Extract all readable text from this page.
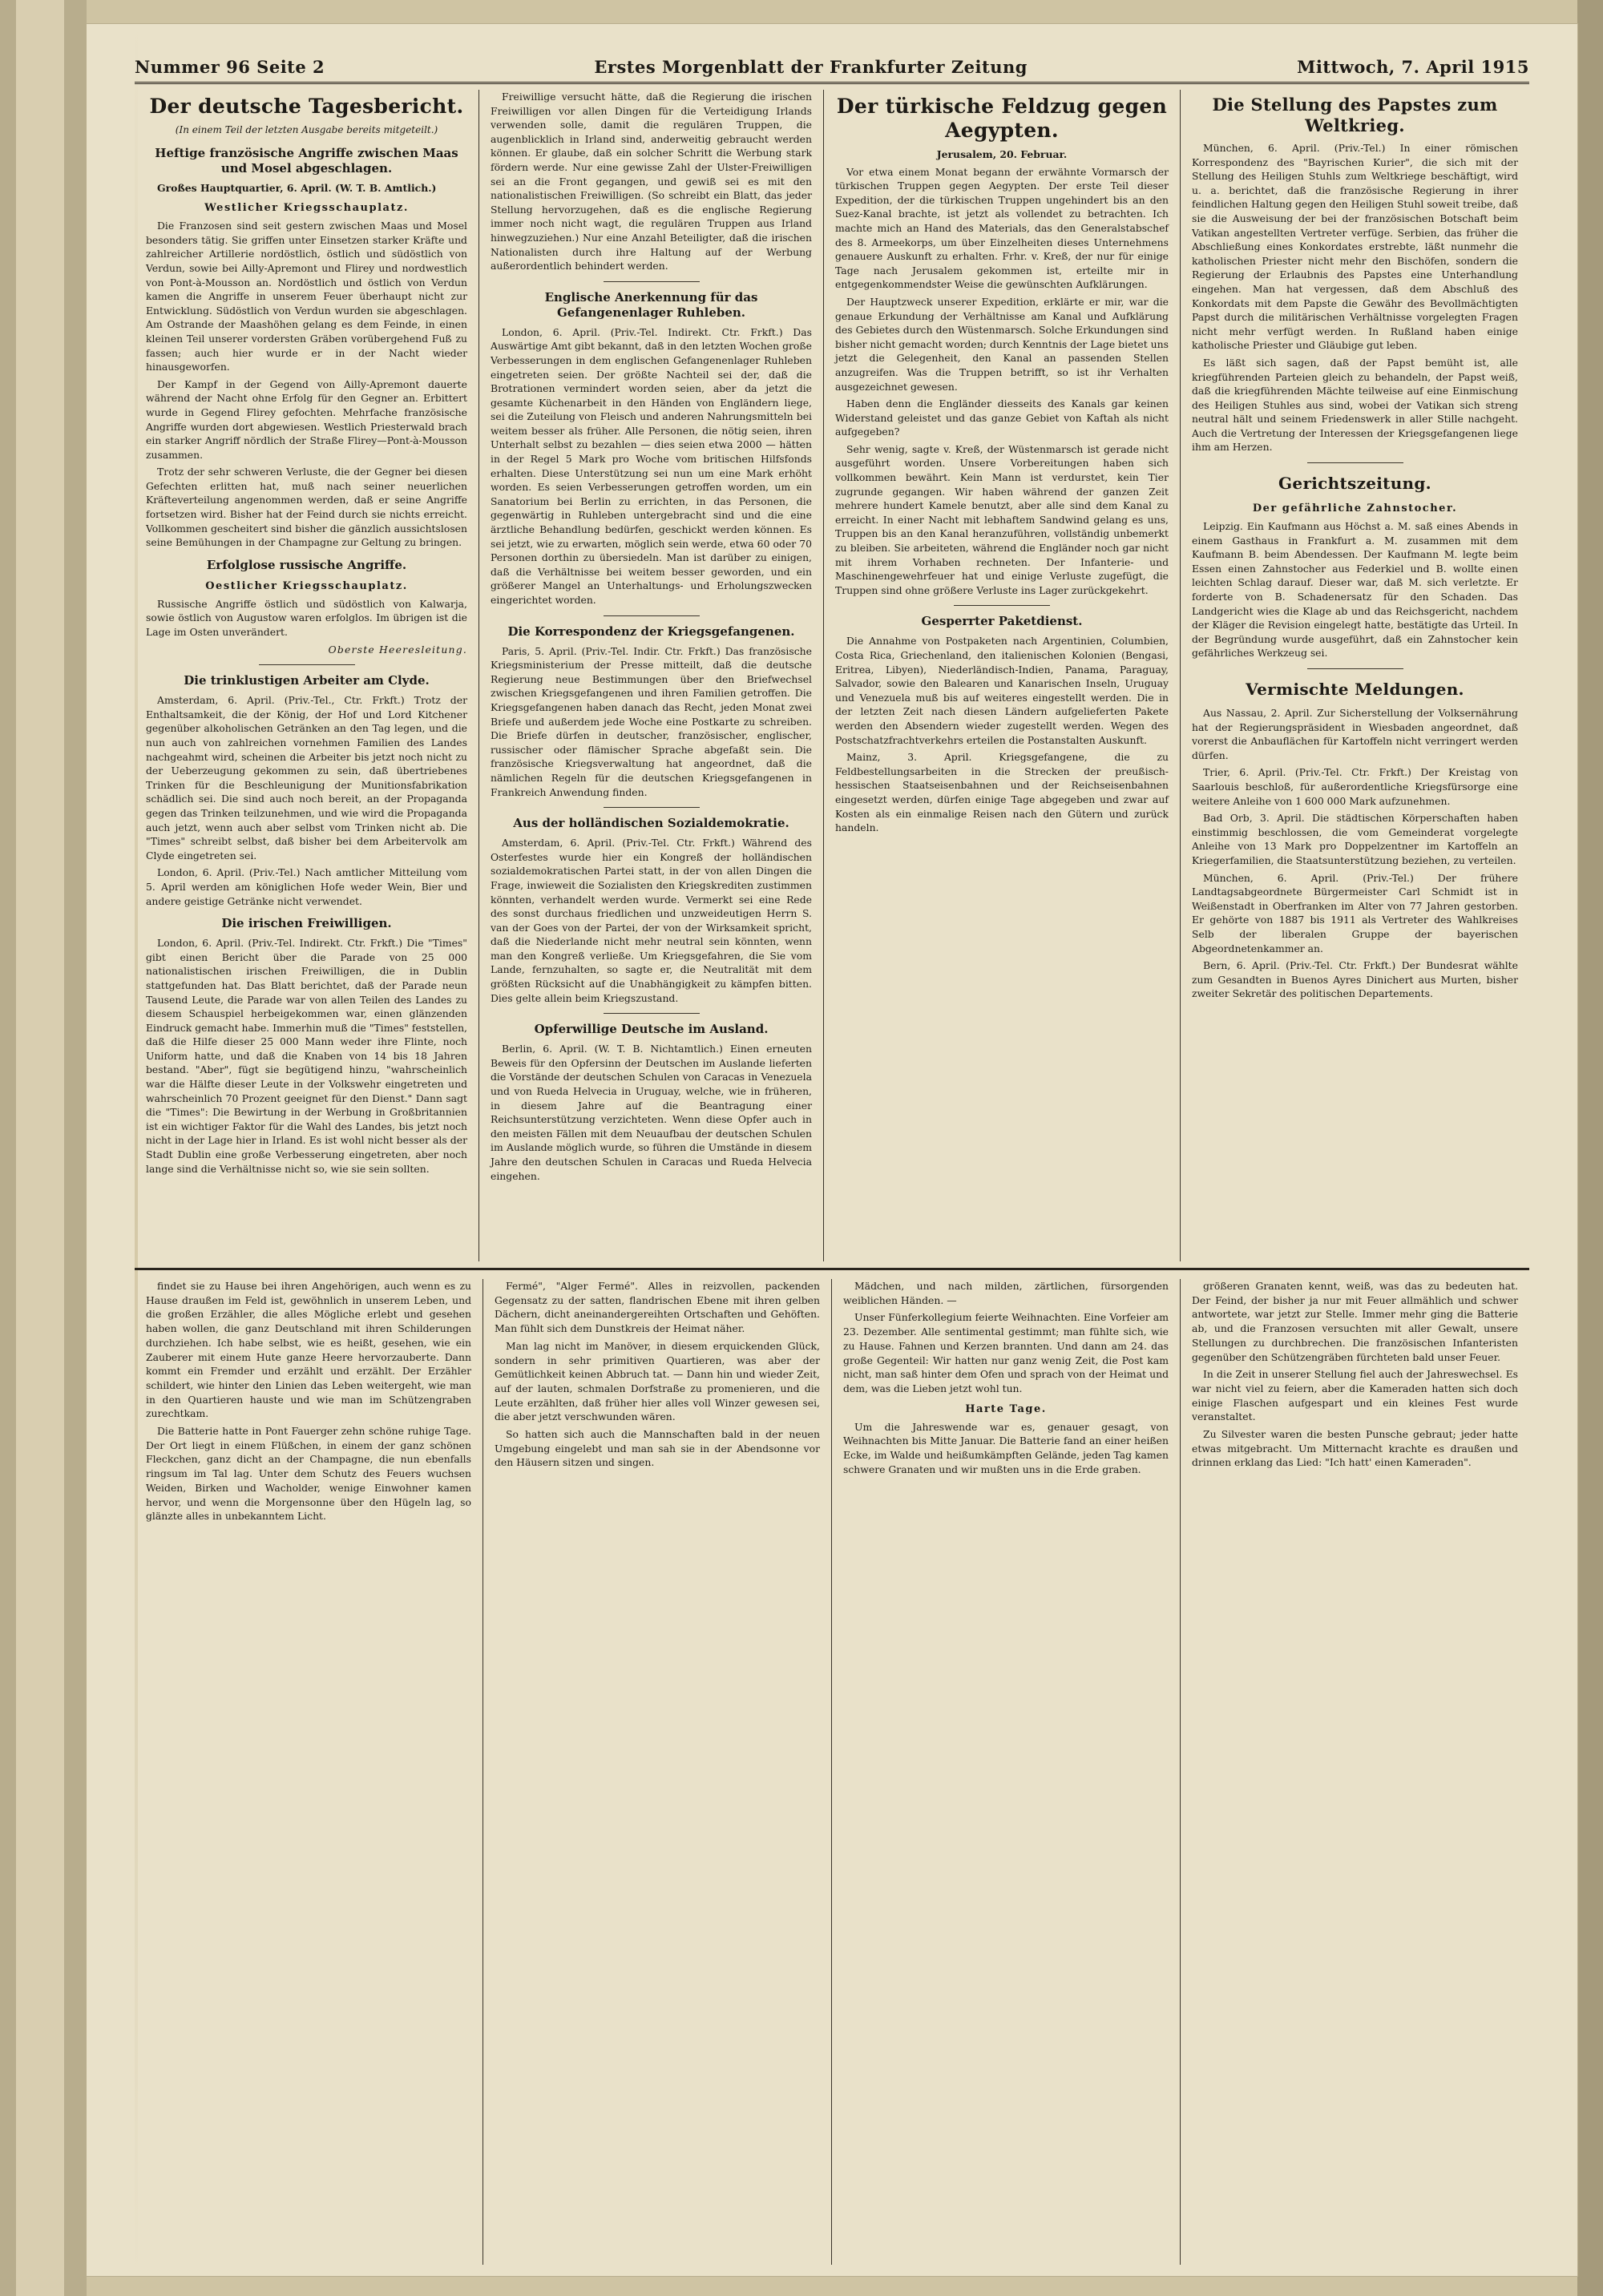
Nummer 96 Seite 2	Erstes Morgenblatt der Frankfurter Zeitung	Mittwoch, 7. April 1915
Der deutsche Tagesbericht.
(In einem Teil der letzten Ausgabe bereits mitgeteilt.)
Heftige französische Angriffe zwischen Maas und Mosel abgeschlagen.

Großes Hauptquartier, 6. April. (W. T. B. Amtlich.)

Westlicher Kriegsschauplatz.

Die Franzosen sind seit gestern zwischen Maas und Mosel besonders tätig. Sie griffen unter Einsetzen starker Kräfte und zahlreicher Artillerie nordöstlich, östlich und südöstlich von Verdun, sowie bei Ailly-Apremont und Flirey und nordwestlich von Pont-à-Mousson an. Nordöstlich und östlich von Verdun kamen die Angriffe in unserem Feuer überhaupt nicht zur Entwicklung. Südöstlich von Verdun wurden sie abgeschlagen. Am Ostrande der Maashöhen gelang es dem Feinde, in einen kleinen Teil unserer vordersten Gräben vorübergehend Fuß zu fassen; auch hier wurde er in der Nacht wieder hinausgeworfen.

Der Kampf in der Gegend von Ailly-Apremont dauerte während der Nacht ohne Erfolg für den Gegner an. Erbittert wurde in Gegend Flirey gefochten. Mehrfache französische Angriffe wurden dort abgewiesen. Westlich Priesterwald brach ein starker Angriff nördlich der Straße Flirey—Pont-à-Mousson zusammen.

Trotz der sehr schweren Verluste, die der Gegner bei diesen Gefechten erlitten hat, muß nach seiner neuerlichen Kräfteverteilung angenommen werden, daß er seine Angriffe fortsetzen wird. Bisher hat der Feind durch sie nichts erreicht. Vollkommen gescheitert sind bisher die gänzlich aussichtslosen seine Bemühungen in der Champagne zur Geltung zu bringen.

Erfolglose russische Angriffe.
Oestlicher Kriegsschauplatz.

Russische Angriffe östlich und südöstlich von Kalwarja, sowie östlich von Augustow waren erfolglos. Im übrigen ist die Lage im Osten unverändert.

Oberste Heeresleitung.

Die trinklustigen Arbeiter am Clyde.

Amsterdam, 6. April. (Priv.-Tel., Ctr. Frkft.) Trotz der Enthaltsamkeit, die der König, der Hof und Lord Kitchener gegenüber alkoholischen Getränken an den Tag legen, und die nun auch von zahlreichen vornehmen Familien des Landes nachgeahmt wird, scheinen die Arbeiter bis jetzt noch nicht zu der Ueberzeugung gekommen zu sein, daß übertriebenes Trinken für die Beschleunigung der Munitionsfabrikation schädlich sei. Die sind auch noch bereit, an der Propaganda gegen das Trinken teilzunehmen, und wie wird die Propaganda auch jetzt, wenn auch aber selbst vom Trinken nicht ab. Die "Times" schreibt selbst, daß bisher bei dem Arbeitervolk am Clyde eingetreten sei.

London, 6. April. (Priv.-Tel.) Nach amtlicher Mitteilung vom 5. April werden am königlichen Hofe weder Wein, Bier und andere geistige Getränke nicht verwendet.

Die irischen Freiwilligen.

London, 6. April. (Priv.-Tel. Indirekt. Ctr. Frkft.) Die "Times" gibt einen Bericht über die Parade von 25 000 nationalistischen irischen Freiwilligen, die in Dublin stattgefunden hat. Das Blatt berichtet, daß der Parade neun Tausend Leute, die Parade war von allen Teilen des Landes zu diesem Schauspiel herbeigekommen war, einen glänzenden Eindruck gemacht habe. Immerhin muß die "Times" feststellen, daß die Hilfe dieser 25 000 Mann weder ihre Flinte, noch Uniform hatte, und daß die Knaben von 14 bis 18 Jahren bestand. "Aber", fügt sie begütigend hinzu, "wahrscheinlich war die Hälfte dieser Leute in der Volkswehr eingetreten und wahrscheinlich 70 Prozent geeignet für den Dienst." Dann sagt die "Times": Die Bewirtung in der Werbung in Großbritannien ist ein wichtiger Faktor für die Wahl des Landes, bis jetzt noch nicht in der Lage hier in Irland. Es ist wohl nicht besser als der Stadt Dublin eine große Verbesserung eingetreten, aber noch lange sind die Verhältnisse nicht so, wie sie sein sollten.

Freiwillige versucht hätte, daß die Regierung die irischen Freiwilligen vor allen Dingen für die Verteidigung Irlands verwenden solle, damit die regulären Truppen, die augenblicklich in Irland sind, anderweitig gebraucht werden können. Er glaube, daß ein solcher Schritt die Werbung stark fördern werde. Nur eine gewisse Zahl der Ulster-Freiwilligen sei an die Front gegangen, und gewiß sei es mit den nationalistischen Freiwilligen. (So schreibt ein Blatt, das jeder Stellung hervorzugehen, daß es die englische Regierung immer noch nicht wagt, die regulären Truppen aus Irland hinwegzuziehen.) Nur eine Anzahl Beteiligter, daß die irischen Nationalisten durch ihre Haltung auf der Werbung außerordentlich behindert werden.

Englische Anerkennung für das Gefangenenlager Ruhleben.

London, 6. April. (Priv.-Tel. Indirekt. Ctr. Frkft.) Das Auswärtige Amt gibt bekannt, daß in den letzten Wochen große Verbesserungen in dem englischen Gefangenenlager Ruhleben eingetreten seien. Der größte Nachteil sei der, daß die Brotrationen vermindert worden seien, aber da jetzt die gesamte Küchenarbeit in den Händen von Engländern liege, sei die Zuteilung von Fleisch und anderen Nahrungsmitteln bei weitem besser als früher. Alle Personen, die nötig seien, ihren Unterhalt selbst zu bezahlen — dies seien etwa 2000 — hätten in der Regel 5 Mark pro Woche vom britischen Hilfsfonds erhalten. Diese Unterstützung sei nun um eine Mark erhöht worden. Es seien Verbesserungen getroffen worden, um ein Sanatorium bei Berlin zu errichten, in das Personen, die gegenwärtig in Ruhleben untergebracht sind und die eine ärztliche Behandlung bedürfen, geschickt werden können. Es sei jetzt, wie zu erwarten, möglich sein werde, etwa 60 oder 70 Personen dorthin zu übersiedeln. Man ist darüber zu einigen, daß die Verhältnisse bei weitem besser geworden, und ein größerer Mangel an Unterhaltungs- und Erholungszwecken eingerichtet worden.

Die Korrespondenz der Kriegsgefangenen.

Paris, 5. April. (Priv.-Tel. Indir. Ctr. Frkft.) Das französische Kriegsministerium der Presse mitteilt, daß die deutsche Regierung neue Bestimmungen über den Briefwechsel zwischen Kriegsgefangenen und ihren Familien getroffen. Die Kriegsgefangenen haben danach das Recht, jeden Monat zwei Briefe und außerdem jede Woche eine Postkarte zu schreiben. Die Briefe dürfen in deutscher, französischer, englischer, russischer oder flämischer Sprache abgefaßt sein. Die französische Kriegsverwaltung hat angeordnet, daß die nämlichen Regeln für die deutschen Kriegsgefangenen in Frankreich Anwendung finden.

Aus der holländischen Sozialdemokratie.

Amsterdam, 6. April. (Priv.-Tel. Ctr. Frkft.) Während des Osterfestes wurde hier ein Kongreß der holländischen sozialdemokratischen Partei statt, in der von allen Dingen die Frage, inwieweit die Sozialisten den Kriegskrediten zustimmen könnten, verhandelt werden wurde. Vermerkt sei eine Rede des sonst durchaus friedlichen und unzweideutigen Herrn S. van der Goes von der Partei, der von der Wirksamkeit spricht, daß die Niederlande nicht mehr neutral sein könnten, wenn man den Kongreß verließe. Um Kriegsgefahren, die Sie vom Lande, fernzuhalten, so sagte er, die Neutralität mit dem größten Rücksicht auf die Unabhängigkeit zu kämpfen bitten. Dies gelte allein beim Kriegszustand.

Opferwillige Deutsche im Ausland.

Berlin, 6. April. (W. T. B. Nichtamtlich.) Einen erneuten Beweis für den Opfersinn der Deutschen im Auslande lieferten die Vorstände der deutschen Schulen von Caracas in Venezuela und von Rueda Helvecia in Uruguay, welche, wie in früheren, in diesem Jahre auf die Beantragung einer Reichsunterstützung verzichteten. Wenn diese Opfer auch in den meisten Fällen mit dem Neuaufbau der deutschen Schulen im Auslande möglich wurde, so führen die Umstände in diesem Jahre den deutschen Schulen in Caracas und Rueda Helvecia eingehen.

Der türkische Feldzug gegen Aegypten.

Jerusalem, 20. Februar.

Vor etwa einem Monat begann der erwähnte Vormarsch der türkischen Truppen gegen Aegypten. Der erste Teil dieser Expedition, der die türkischen Truppen ungehindert bis an den Suez-Kanal brachte, ist jetzt als vollendet zu betrachten. Ich machte mich an Hand des Materials, das den Generalstabschef des 8. Armeekorps, um über Einzelheiten dieses Unternehmens genauere Auskunft zu erhalten. Frhr. v. Kreß, der nur für einige Tage nach Jerusalem gekommen ist, erteilte mir in entgegenkommendster Weise die gewünschten Aufklärungen.

Der Hauptzweck unserer Expedition, erklärte er mir, war die genaue Erkundung der Verhältnisse am Kanal und Aufklärung des Gebietes durch den Wüstenmarsch. Solche Erkundungen sind bisher nicht gemacht worden; durch Kenntnis der Lage bietet uns jetzt die Gelegenheit, den Kanal an passenden Stellen anzugreifen. Was die Truppen betrifft, so ist ihr Verhalten ausgezeichnet gewesen.

Haben denn die Engländer diesseits des Kanals gar keinen Widerstand geleistet und das ganze Gebiet von Kaftah als nicht aufgegeben?

Sehr wenig, sagte v. Kreß, der Wüstenmarsch ist gerade nicht ausgeführt worden. Unsere Vorbereitungen haben sich vollkommen bewährt. Kein Mann ist verdurstet, kein Tier zugrunde gegangen. Wir haben während der ganzen Zeit mehrere hundert Kamele benutzt, aber alle sind dem Kanal zu erreicht. In einer Nacht mit lebhaftem Sandwind gelang es uns, Truppen bis an den Kanal heranzuführen, vollständig unbemerkt zu bleiben. Sie arbeiteten, während die Engländer noch gar nicht mit ihrem Vorhaben rechneten. Der Infanterie- und Maschinengewehrfeuer hat und einige Verluste zugefügt, die Truppen sind ohne größere Verluste ins Lager zurückgekehrt.

Gesperrter Paketdienst.

Die Annahme von Postpaketen nach Argentinien, Columbien, Costa Rica, Griechenland, den italienischen Kolonien (Bengasi, Eritrea, Libyen), Niederländisch-Indien, Panama, Paraguay, Salvador, sowie den Balearen und Kanarischen Inseln, Uruguay und Venezuela muß bis auf weiteres eingestellt werden. Die in der letzten Zeit nach diesen Ländern aufgelieferten Pakete werden den Absendern wieder zugestellt werden. Wegen des Postschatzfrachtverkehrs erteilen die Postanstalten Auskunft.

Mainz, 3. April. Kriegsgefangene, die zu Feldbestellungsarbeiten in die Strecken der preußisch-hessischen Staatseisenbahnen und der Reichseisenbahnen eingesetzt werden, dürfen einige Tage abgegeben und zwar auf Kosten als ein einmalige Reisen nach den Gütern und zurück handeln.

Die Stellung des Papstes zum Weltkrieg.

München, 6. April. (Priv.-Tel.) In einer römischen Korrespondenz des "Bayrischen Kurier", die sich mit der Stellung des Heiligen Stuhls zum Weltkriege beschäftigt, wird u. a. berichtet, daß die französische Regierung in ihrer feindlichen Haltung gegen den Heiligen Stuhl soweit treibe, daß sie die Ausweisung der bei der französischen Botschaft beim Vatikan angestellten Vertreter verfüge. Serbien, das früher die Abschließung eines Konkordates erstrebte, läßt nunmehr die katholischen Priester nicht mehr den Bischöfen, sondern die Regierung der Erlaubnis des Papstes eine Unterhandlung eingehen. Man hat vergessen, daß dem Abschluß des Konkordats mit dem Papste die Gewähr des Bevollmächtigten Papst durch die militärischen Verhältnisse vorgelegten Fragen nicht mehr verfügt werden. In Rußland haben einige katholische Priester und Gläubige gut leben.

Es läßt sich sagen, daß der Papst bemüht ist, alle kriegführenden Parteien gleich zu behandeln, der Papst weiß, daß die kriegführenden Mächte teilweise auf eine Einmischung des Heiligen Stuhles aus sind, wobei der Vatikan sich streng neutral hält und seinem Friedenswerk in aller Stille nachgeht. Auch die Vertretung der Interessen der Kriegsgefangenen liege ihm am Herzen.

Gerichtszeitung.
Der gefährliche Zahnstocher.

Leipzig. Ein Kaufmann aus Höchst a. M. saß eines Abends in einem Gasthaus in Frankfurt a. M. zusammen mit dem Kaufmann B. beim Abendessen. Der Kaufmann M. legte beim Essen einen Zahnstocher aus Federkiel und B. wollte einen leichten Schlag darauf. Dieser war, daß M. sich verletzte. Er forderte von B. Schadenersatz für den Schaden. Das Landgericht wies die Klage ab und das Reichsgericht, nachdem der Kläger die Revision eingelegt hatte, bestätigte das Urteil. In der Begründung wurde ausgeführt, daß ein Zahnstocher kein gefährliches Werkzeug sei.

Vermischte Meldungen.

Aus Nassau, 2. April. Zur Sicherstellung der Volksernährung hat der Regierungspräsident in Wiesbaden angeordnet, daß vorerst die Anbauflächen für Kartoffeln nicht verringert werden dürfen.

Trier, 6. April. (Priv.-Tel. Ctr. Frkft.) Der Kreistag von Saarlouis beschloß, für außerordentliche Kriegsfürsorge eine weitere Anleihe von 1 600 000 Mark aufzunehmen.

Bad Orb, 3. April. Die städtischen Körperschaften haben einstimmig beschlossen, die vom Gemeinderat vorgelegte Anleihe von 13 Mark pro Doppelzentner im Kartoffeln an Kriegerfamilien, die Staatsunterstützung beziehen, zu verteilen.

München, 6. April. (Priv.-Tel.) Der frühere Landtagsabgeordnete Bürgermeister Carl Schmidt ist in Weißenstadt in Oberfranken im Alter von 77 Jahren gestorben. Er gehörte von 1887 bis 1911 als Vertreter des Wahlkreises Selb der liberalen Gruppe der bayerischen Abgeordnetenkammer an.

Bern, 6. April. (Priv.-Tel. Ctr. Frkft.) Der Bundesrat wählte zum Gesandten in Buenos Ayres Dinichert aus Murten, bisher zweiter Sekretär des politischen Departements.

findet sie zu Hause bei ihren Angehörigen, auch wenn es zu Hause draußen im Feld ist, gewöhnlich in unserem Leben, und die großen Erzähler, die alles Mögliche erlebt und gesehen haben wollen, die ganz Deutschland mit ihren Schilderungen durchziehen. Ich habe selbst, wie es heißt, gesehen, wie ein Zauberer mit einem Hute ganze Heere hervorzauberte. Dann kommt ein Fremder und erzählt und erzählt. Der Erzähler schildert, wie hinter den Linien das Leben weitergeht, wie man in den Quartieren hauste und wie man im Schützengraben zurechtkam.

Die Batterie hatte in Pont Fauerger zehn schöne ruhige Tage. Der Ort liegt in einem Flüßchen, in einem der ganz schönen Fleckchen, ganz dicht an der Champagne, die nun ebenfalls ringsum im Tal lag. Unter dem Schutz des Feuers wuchsen Weiden, Birken und Wacholder, wenige Einwohner kamen hervor, und wenn die Morgensonne über den Hügeln lag, so glänzte alles in unbekanntem Licht.

Fermé", "Alger Fermé". Alles in reizvollen, packenden Gegensatz zu der satten, flandrischen Ebene mit ihren gelben Dächern, dicht aneinandergereihten Ortschaften und Gehöften. Man fühlt sich dem Dunstkreis der Heimat näher.

Man lag nicht im Manöver, in diesem erquickenden Glück, sondern in sehr primitiven Quartieren, was aber der Gemütlichkeit keinen Abbruch tat. — Dann hin und wieder Zeit, auf der lauten, schmalen Dorfstraße zu promenieren, und die Leute erzählten, daß früher hier alles voll Winzer gewesen sei, die aber jetzt verschwunden wären.

So hatten sich auch die Mannschaften bald in der neuen Umgebung eingelebt und man sah sie in der Abendsonne vor den Häusern sitzen und singen.

Mädchen, und nach milden, zärtlichen, fürsorgenden weiblichen Händen. —

Unser Fünferkollegium feierte Weihnachten. Eine Vorfeier am 23. Dezember. Alle sentimental gestimmt; man fühlte sich, wie zu Hause. Fahnen und Kerzen brannten. Und dann am 24. das große Gegenteil: Wir hatten nur ganz wenig Zeit, die Post kam nicht, man saß hinter dem Ofen und sprach von der Heimat und dem, was die Lieben jetzt wohl tun.

Harte Tage.

Um die Jahreswende war es, genauer gesagt, von Weihnachten bis Mitte Januar. Die Batterie fand an einer heißen Ecke, im Walde und heißumkämpften Gelände, jeden Tag kamen schwere Granaten und wir mußten uns in die Erde graben.

größeren Granaten kennt, weiß, was das zu bedeuten hat. Der Feind, der bisher ja nur mit Feuer allmählich und schwer antwortete, war jetzt zur Stelle. Immer mehr ging die Batterie ab, und die Franzosen versuchten mit aller Gewalt, unsere Stellungen zu durchbrechen. Die französischen Infanteristen gegenüber den Schützengräben fürchteten bald unser Feuer.

In die Zeit in unserer Stellung fiel auch der Jahreswechsel. Es war nicht viel zu feiern, aber die Kameraden hatten sich doch einige Flaschen aufgespart und ein kleines Fest wurde veranstaltet.

Zu Silvester waren die besten Punsche gebraut; jeder hatte etwas mitgebracht. Um Mitternacht krachte es draußen und drinnen erklang das Lied: "Ich hatt' einen Kameraden".
